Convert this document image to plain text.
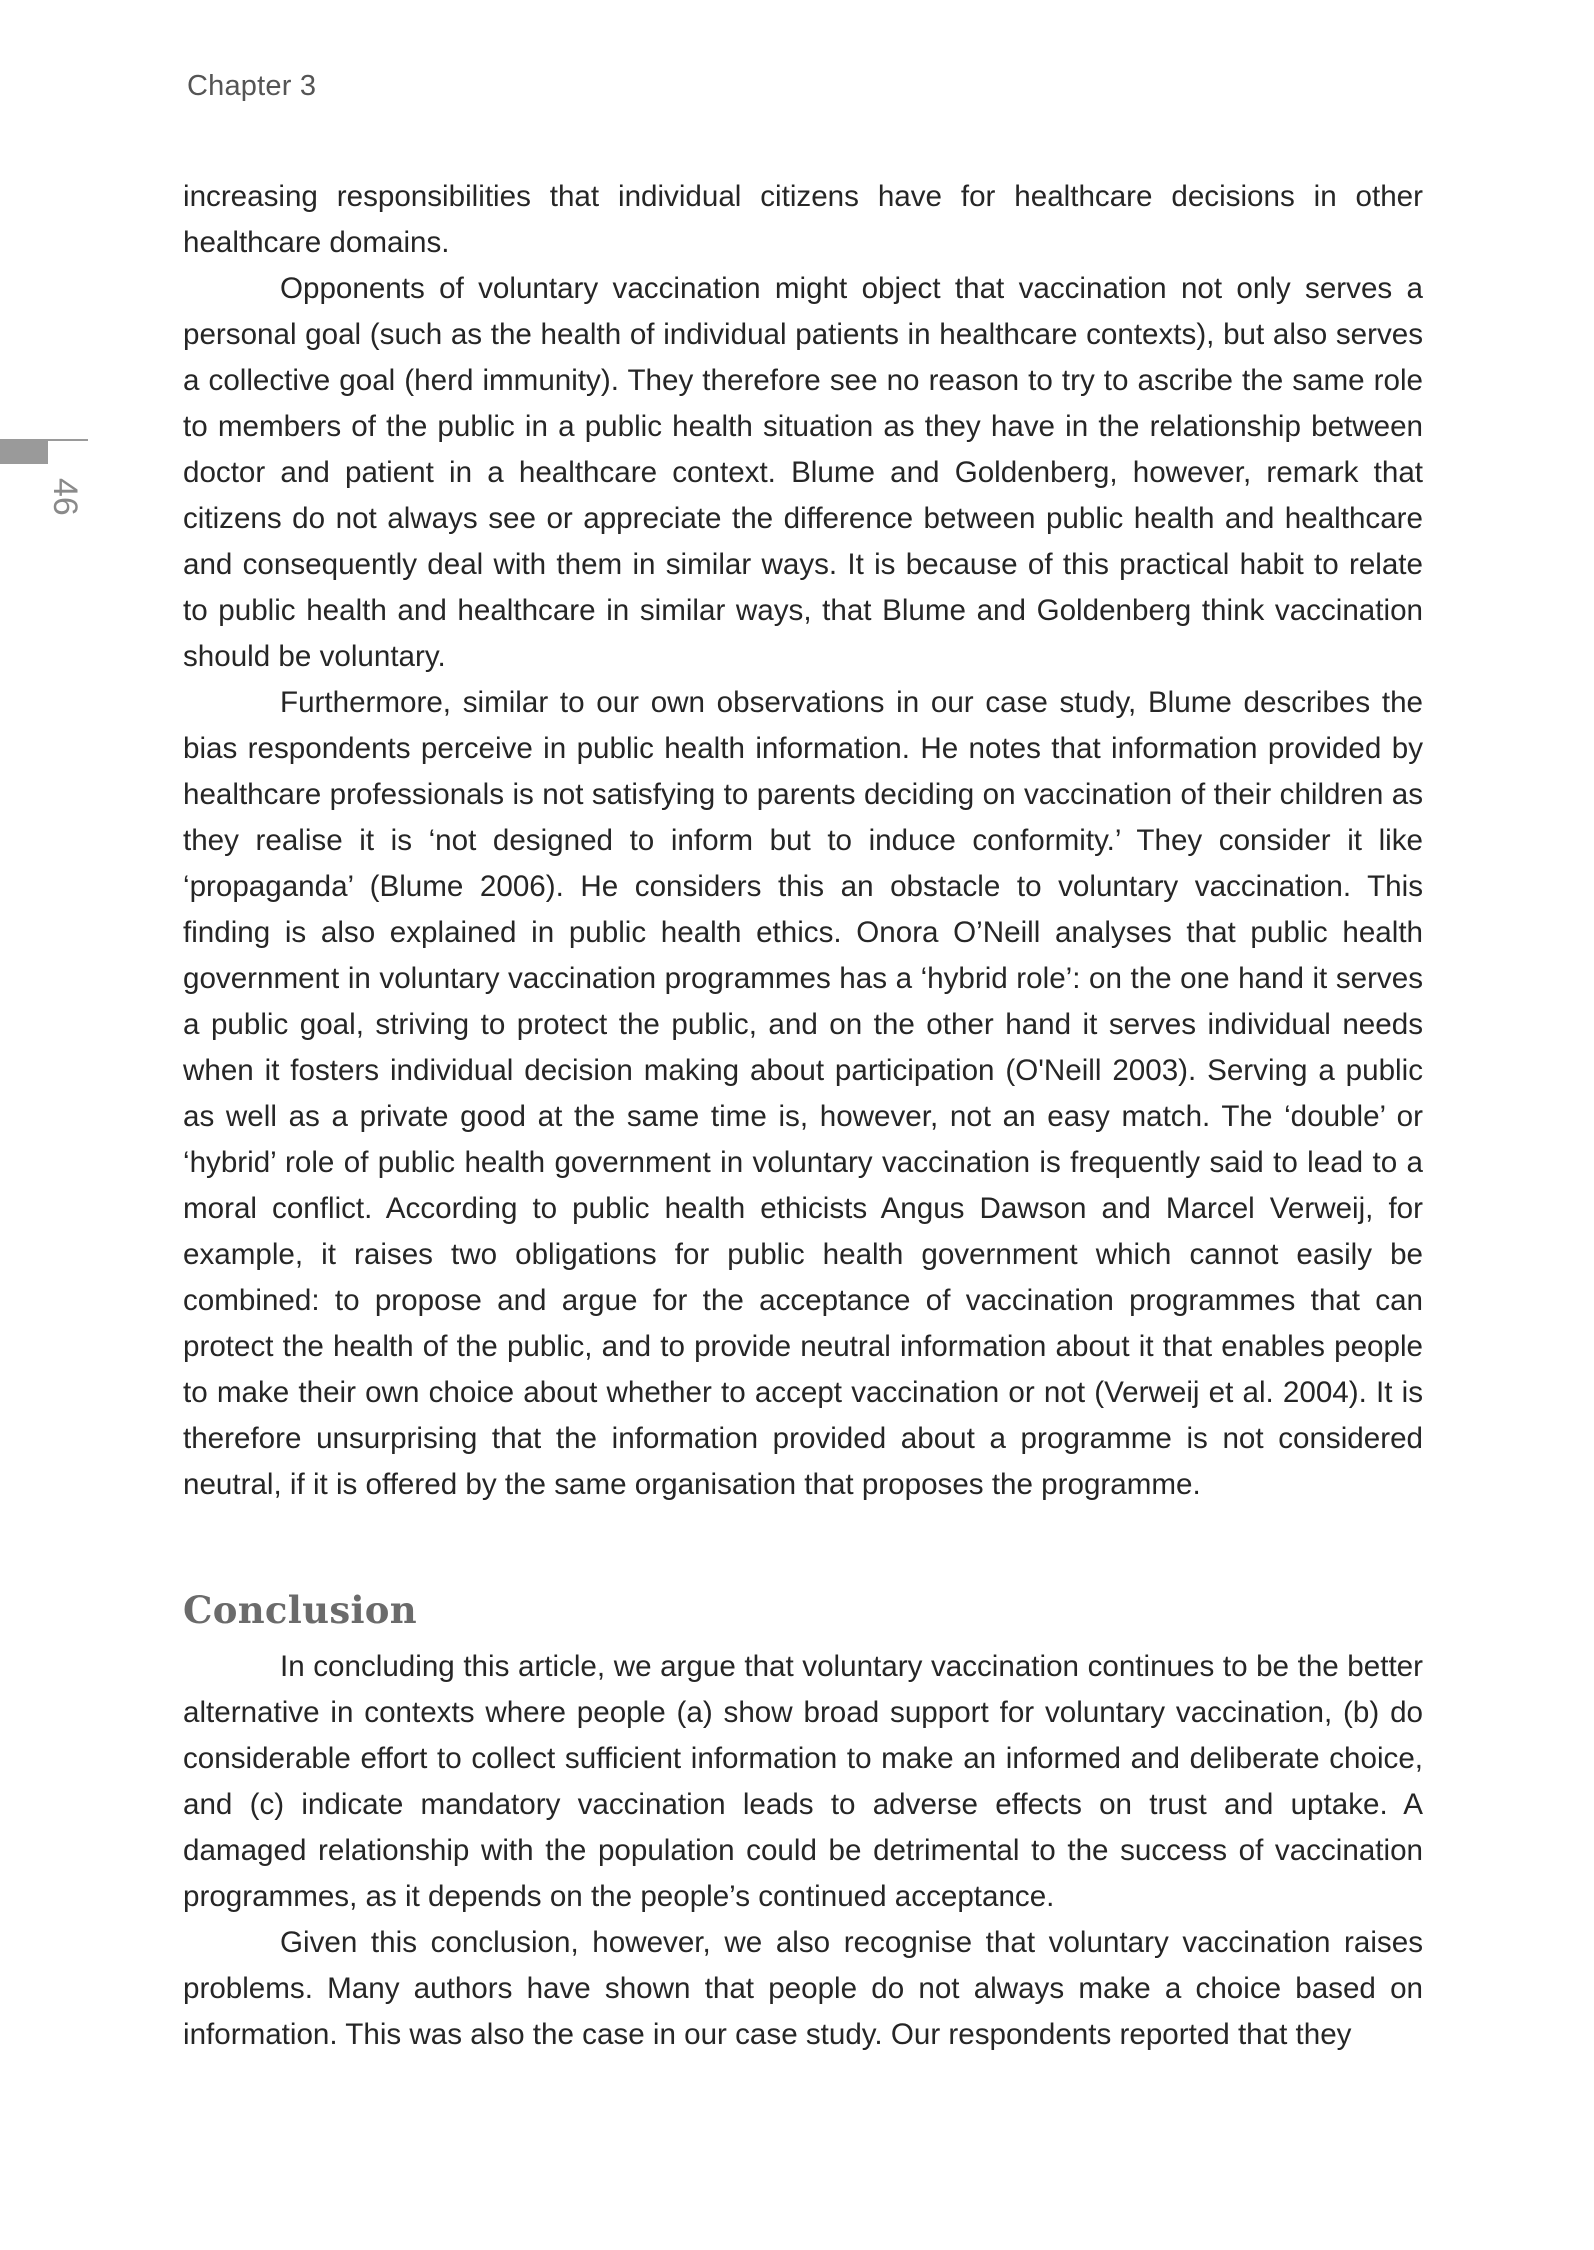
Chapter 3
46

increasing responsibilities that individual citizens have for healthcare decisions in other healthcare domains.

Opponents of voluntary vaccination might object that vaccination not only serves a personal goal (such as the health of individual patients in healthcare contexts), but also serves a collective goal (herd immunity). They therefore see no reason to try to ascribe the same role to members of the public in a public health situation as they have in the relationship between doctor and patient in a healthcare context. Blume and Goldenberg, however, remark that citizens do not always see or appreciate the difference between public health and healthcare and consequently deal with them in similar ways. It is because of this practical habit to relate to public health and healthcare in similar ways, that Blume and Goldenberg think vaccination should be voluntary.

Furthermore, similar to our own observations in our case study, Blume describes the bias respondents perceive in public health information. He notes that information provided by healthcare professionals is not satisfying to parents deciding on vaccination of their children as they realise it is ‘not designed to inform but to induce conformity.’ They consider it like ‘propaganda’ (Blume 2006). He considers this an obstacle to voluntary vaccination. This finding is also explained in public health ethics. Onora O’Neill analyses that public health government in voluntary vaccination programmes has a ‘hybrid role’: on the one hand it serves a public goal, striving to protect the public, and on the other hand it serves individual needs when it fosters individual decision making about participation (O'Neill 2003). Serving a public as well as a private good at the same time is, however, not an easy match. The ‘double’ or ‘hybrid’ role of public health government in voluntary vaccination is frequently said to lead to a moral conflict. According to public health ethicists Angus Dawson and Marcel Verweij, for example, it raises two obligations for public health government which cannot easily be combined: to propose and argue for the acceptance of vaccination programmes that can protect the health of the public, and to provide neutral information about it that enables people to make their own choice about whether to accept vaccination or not (Verweij et al. 2004). It is therefore unsurprising that the information provided about a programme is not considered neutral, if it is offered by the same organisation that proposes the programme.

Conclusion

In concluding this article, we argue that voluntary vaccination continues to be the better alternative in contexts where people (a) show broad support for voluntary vaccination, (b) do considerable effort to collect sufficient information to make an informed and deliberate choice, and (c) indicate mandatory vaccination leads to adverse effects on trust and uptake. A damaged relationship with the population could be detrimental to the success of vaccination programmes, as it depends on the people’s continued acceptance.

Given this conclusion, however, we also recognise that voluntary vaccination raises problems. Many authors have shown that people do not always make a choice based on information. This was also the case in our case study. Our respondents reported that they
